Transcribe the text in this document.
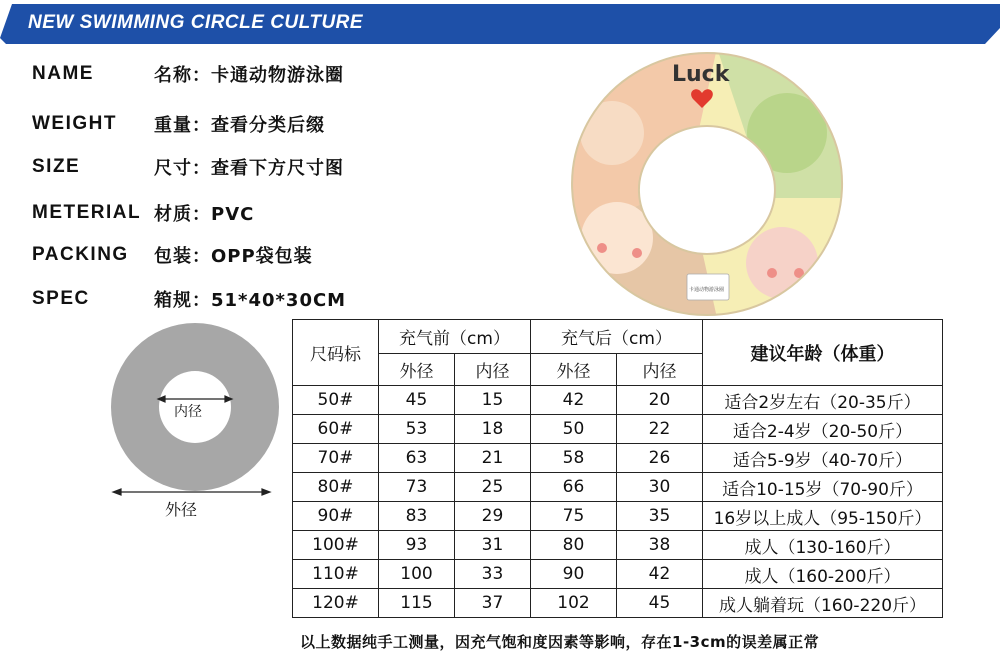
NEW SWIMMING CIRCLE CULTURE
NAME	名称：卡通动物游泳圈
WEIGHT	重量：查看分类后缀
SIZE	尺寸：查看下方尺寸图
METERIAL 材质：PVC
PACKING	包装：OPP袋包装
SPEC	箱规：51*40*30CM
内径
外径
Luck
卡通动物游泳圈
尺码标	充气前（cm）		充气后（cm）		建议年龄（体重）
	外径	内径	外径	内径	
50#	45	15	42	20	适合2岁左右（20-35斤）
60#	53	18	50	22	适合2-4岁（20-50斤）
70#	63	21	58	26	适合5-9岁（40-70斤）
80#	73	25	66	30	适合10-15岁（70-90斤）
90#	83	29	75	35	16岁以上成人（95-150斤）
100#	93	31	80	38	成人（130-160斤）
110#	100	33	90	42	成人（160-200斤）
120#	115	37	102	45	成人躺着玩（160-220斤）
以上数据纯手工测量，因充气饱和度因素等影响，存在1-3cm的误差属正常
